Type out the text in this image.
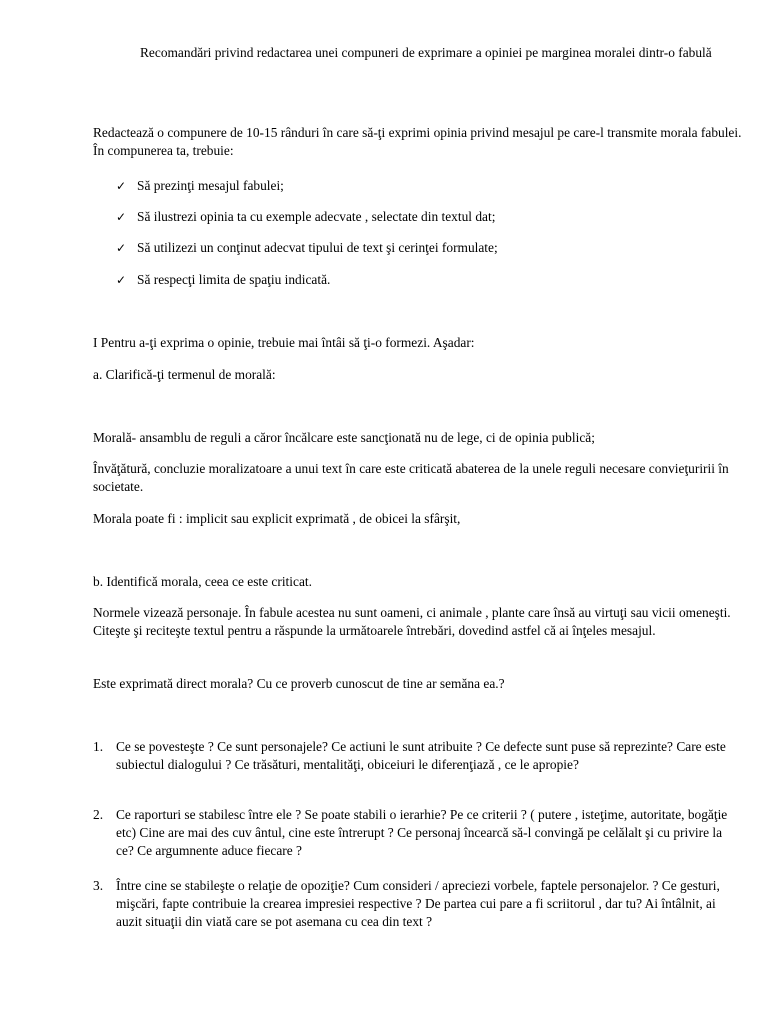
Recomandări privind redactarea unei compuneri de exprimare a opiniei pe marginea moralei dintr-o fabulă

Redactează o compunere de 10-15 rânduri în care să-ţi exprimi opinia privind mesajul pe care-l transmite morala fabulei. În compunerea ta, trebuie:

✓ Să prezinţi mesajul fabulei;

✓ Să ilustrezi opinia ta cu exemple adecvate , selectate din textul dat;

✓ Să utilizezi un conţinut adecvat tipului de text şi cerinţei formulate;

✓ Să respecţi limita de spaţiu indicată.

I Pentru a-ţi exprima o opinie, trebuie mai întâi să ţi-o formezi. Aşadar:

a. Clarifică-ţi termenul de morală:

Morală- ansamblu de reguli a căror încălcare este sancţionată nu de lege, ci de opinia publică;

Învăţătură, concluzie moralizatoare a unui text în care este criticată abaterea de la unele reguli necesare convieţuririi în societate.

Morala poate fi : implicit sau explicit exprimată , de obicei la sfârşit,

b. Identifică morala, ceea ce este criticat.

Normele vizează personaje. În fabule acestea nu sunt oameni, ci animale , plante care însă au virtuţi sau vicii omeneşti. Citeşte şi reciteşte textul pentru a răspunde la următoarele întrebări, dovedind astfel că ai înţeles mesajul.

Este exprimată direct morala? Cu ce proverb cunoscut de tine ar semăna ea.?

1. Ce se povesteşte ? Ce sunt personajele? Ce actiuni le sunt atribuite ? Ce defecte sunt puse să reprezinte? Care este subiectul dialogului ? Ce trăsături, mentalităţi, obiceiuri le diferenţiază , ce le apropie?

2. Ce raporturi se stabilesc între ele ? Se poate stabili o ierarhie? Pe ce criterii ? ( putere , isteţime, autoritate, bogăţie etc) Cine are mai des cuv ântul, cine este întrerupt ? Ce personaj încearcă să-l convingă pe celălalt şi cu privire la ce? Ce argumnente aduce fiecare ?

3. Între cine se stabileşte o relaţie de opoziţie? Cum consideri / apreciezi vorbele, faptele personajelor. ? Ce gesturi, mişcări, fapte contribuie la crearea impresiei respective ? De partea cui pare a fi scriitorul , dar tu? Ai întâlnit, ai auzit situaţii din viată care se pot asemana cu cea din text ?
